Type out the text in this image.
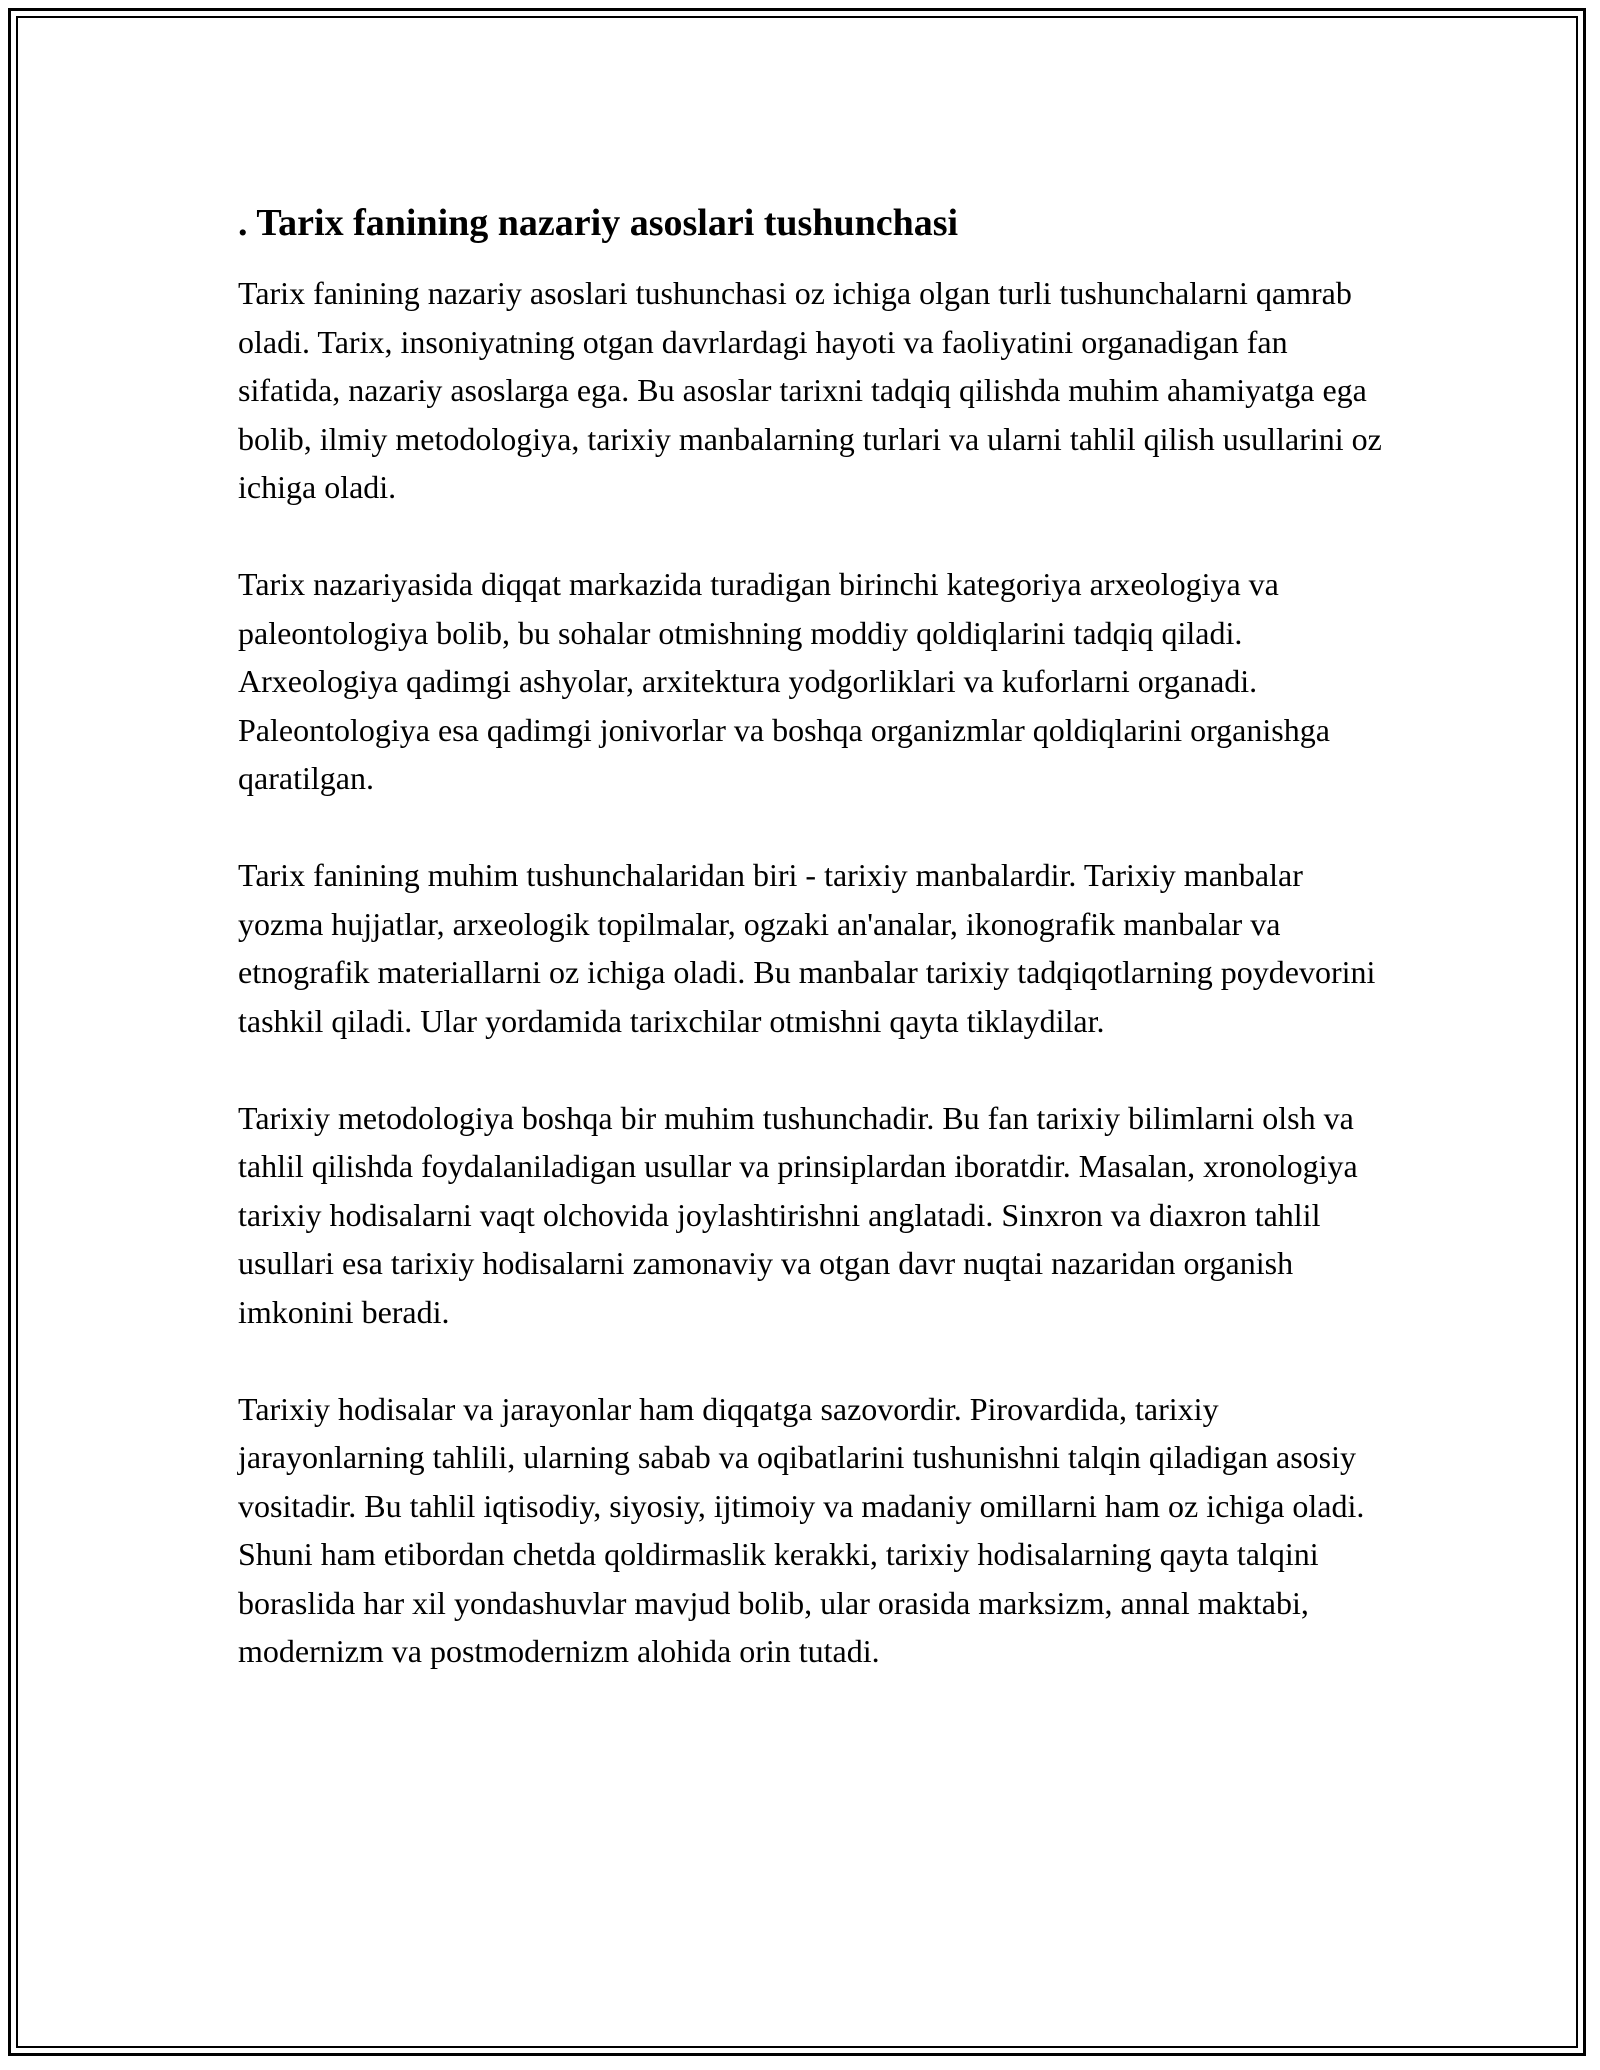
. Tarix fanining nazariy asoslari tushunchasi

Tarix fanining nazariy asoslari tushunchasi oz ichiga olgan turli tushunchalarni qamrab oladi. Tarix, insoniyatning otgan davrlardagi hayoti va faoliyatini organadigan fan sifatida, nazariy asoslarga ega. Bu asoslar tarixni tadqiq qilishda muhim ahamiyatga ega bolib, ilmiy metodologiya, tarixiy manbalarning turlari va ularni tahlil qilish usullarini oz ichiga oladi.

Tarix nazariyasida diqqat markazida turadigan birinchi kategoriya arxeologiya va paleontologiya bolib, bu sohalar otmishning moddiy qoldiqlarini tadqiq qiladi. Arxeologiya qadimgi ashyolar, arxitektura yodgorliklari va kuforlarni organadi. Paleontologiya esa qadimgi jonivorlar va boshqa organizmlar qoldiqlarini organishga qaratilgan.

Tarix fanining muhim tushunchalaridan biri - tarixiy manbalardir. Tarixiy manbalar yozma hujjatlar, arxeologik topilmalar, ogzaki an'analar, ikonografik manbalar va etnografik materiallarni oz ichiga oladi. Bu manbalar tarixiy tadqiqotlarning poydevorini tashkil qiladi. Ular yordamida tarixchilar otmishni qayta tiklaydilar.

Tarixiy metodologiya boshqa bir muhim tushunchadir. Bu fan tarixiy bilimlarni olsh va tahlil qilishda foydalaniladigan usullar va prinsiplardan iboratdir. Masalan, xronologiya tarixiy hodisalarni vaqt olchovida joylashtirishni anglatadi. Sinxron va diaxron tahlil usullari esa tarixiy hodisalarni zamonaviy va otgan davr nuqtai nazaridan organish imkonini beradi.

Tarixiy hodisalar va jarayonlar ham diqqatga sazovordir. Pirovardida, tarixiy jarayonlarning tahlili, ularning sabab va oqibatlarini tushunishni talqin qiladigan asosiy vositadir. Bu tahlil iqtisodiy, siyosiy, ijtimoiy va madaniy omillarni ham oz ichiga oladi. Shuni ham etibordan chetda qoldirmaslik kerakki, tarixiy hodisalarning qayta talqini boraslida har xil yondashuvlar mavjud bolib, ular orasida marksizm, annal maktabi, modernizm va postmodernizm alohida orin tutadi.
